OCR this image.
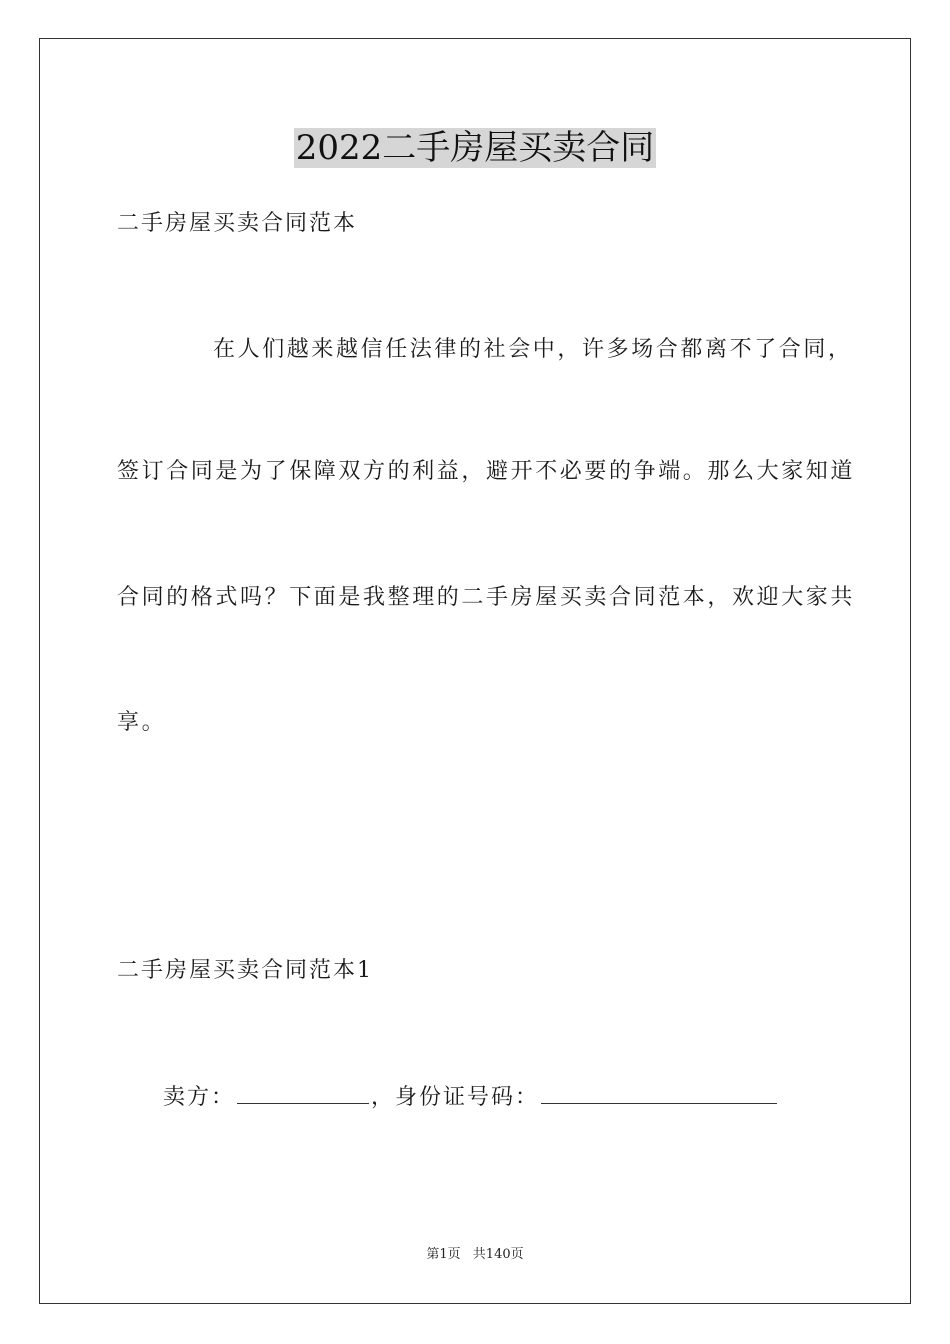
2022二手房屋买卖合同
二手房屋买卖合同范本
在人们越来越信任法律的社会中，许多场合都离不了合同，
签订合同是为了保障双方的利益，避开不必要的争端。那么大家知道
合同的格式吗？下面是我整理的二手房屋买卖合同范本，欢迎大家共
享。
二手房屋买卖合同范本1
卖方：	，身份证号码：
第1页 共140页
